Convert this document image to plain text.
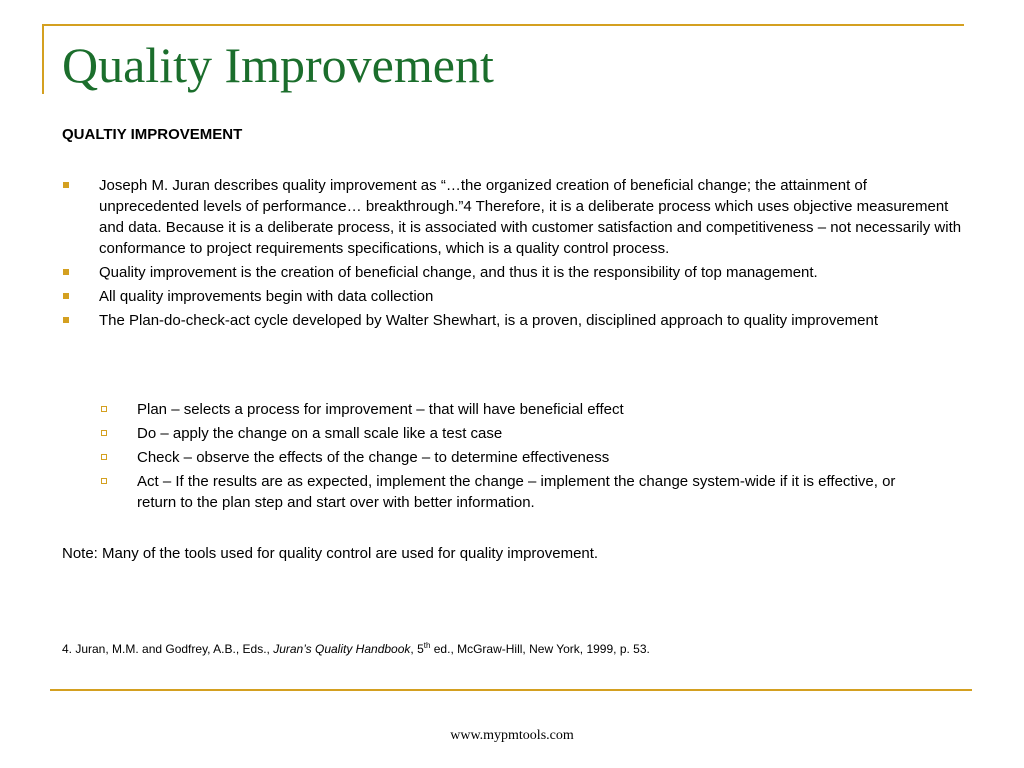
Quality Improvement
QUALTIY IMPROVEMENT
Joseph M. Juran describes quality improvement as “…the organized creation of beneficial change; the attainment of unprecedented levels of performance… breakthrough.”4 Therefore, it is a deliberate process which uses objective measurement and data. Because it is a deliberate process, it is associated with customer satisfaction and competitiveness – not necessarily with conformance to project requirements specifications, which is a quality control process.
Quality improvement is the creation of beneficial change, and thus it is the responsibility of top management.
All quality improvements begin with data collection
The Plan-do-check-act cycle developed by Walter Shewhart, is a proven, disciplined approach to quality improvement
Plan – selects a process for improvement – that will have beneficial effect
Do – apply the change on a small scale like a test case
Check – observe the effects of the change – to determine effectiveness
Act – If the results are as expected, implement the change – implement the change system-wide if it is effective, or return to the plan step and start over with better information.
Note: Many of the tools used for quality control are used for quality improvement.
4. Juran, M.M. and Godfrey, A.B., Eds., Juran’s Quality Handbook, 5th ed., McGraw-Hill, New York, 1999, p. 53.
www.mypmtools.com
